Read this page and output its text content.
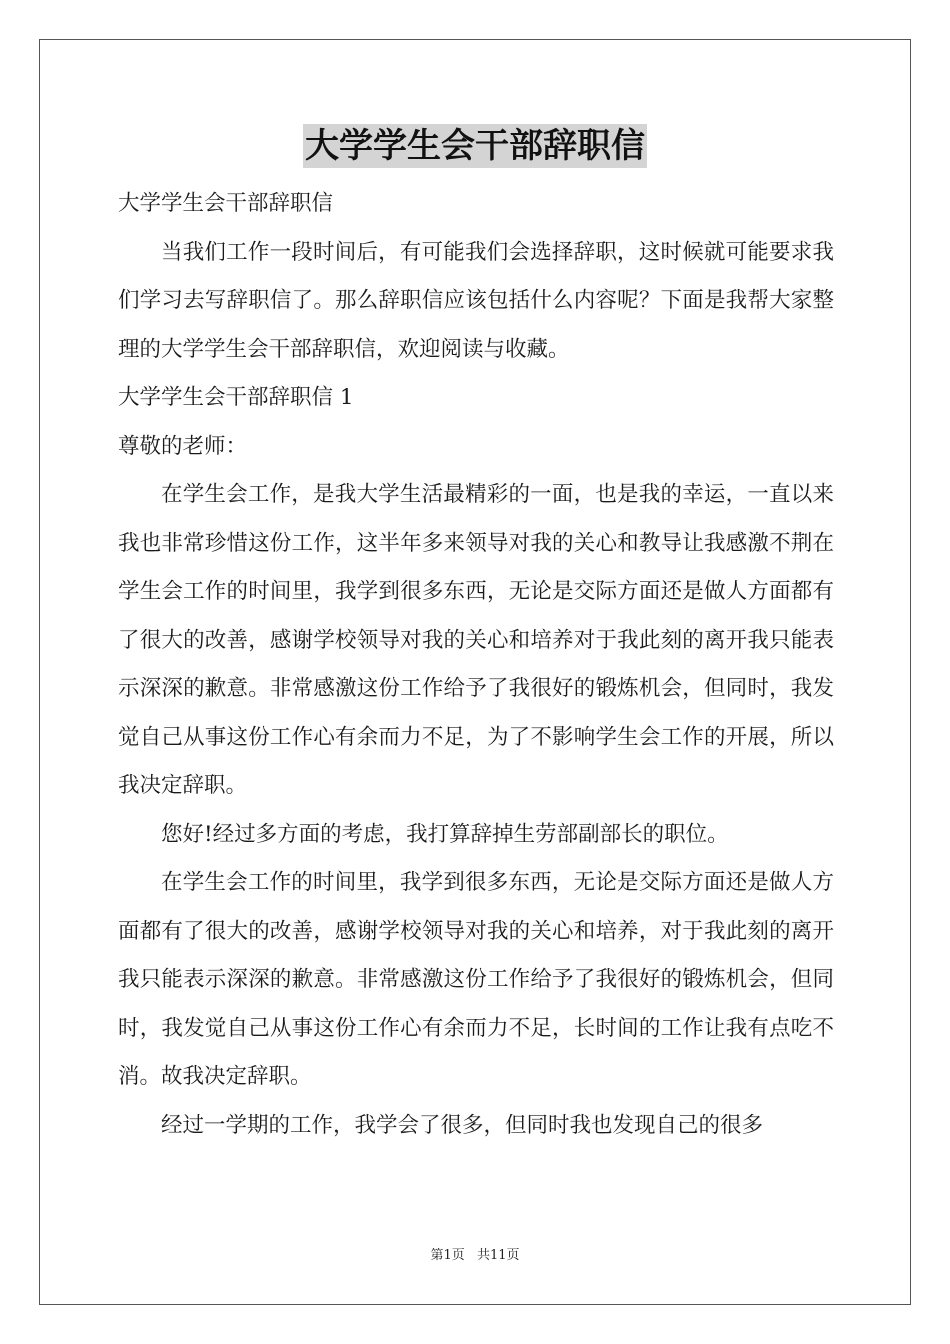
大学学生会干部辞职信
大学学生会干部辞职信
当我们工作一段时间后，有可能我们会选择辞职，这时候就可能要求我们学习去写辞职信了。那么辞职信应该包括什么内容呢？下面是我帮大家整理的大学学生会干部辞职信，欢迎阅读与收藏。
大学学生会干部辞职信 1
尊敬的老师：
在学生会工作，是我大学生活最精彩的一面，也是我的幸运，一直以来我也非常珍惜这份工作，这半年多来领导对我的关心和教导让我感激不荆在学生会工作的时间里，我学到很多东西，无论是交际方面还是做人方面都有了很大的改善，感谢学校领导对我的关心和培养对于我此刻的离开我只能表示深深的歉意。非常感激这份工作给予了我很好的锻炼机会，但同时，我发觉自己从事这份工作心有余而力不足，为了不影响学生会工作的开展，所以我决定辞职。
您好!经过多方面的考虑，我打算辞掉生劳部副部长的职位。
在学生会工作的时间里，我学到很多东西，无论是交际方面还是做人方面都有了很大的改善，感谢学校领导对我的关心和培养，对于我此刻的离开我只能表示深深的歉意。非常感激这份工作给予了我很好的锻炼机会，但同时，我发觉自己从事这份工作心有余而力不足，长时间的工作让我有点吃不消。故我决定辞职。
经过一学期的工作，我学会了很多，但同时我也发现自己的很多
第1页 共11页
